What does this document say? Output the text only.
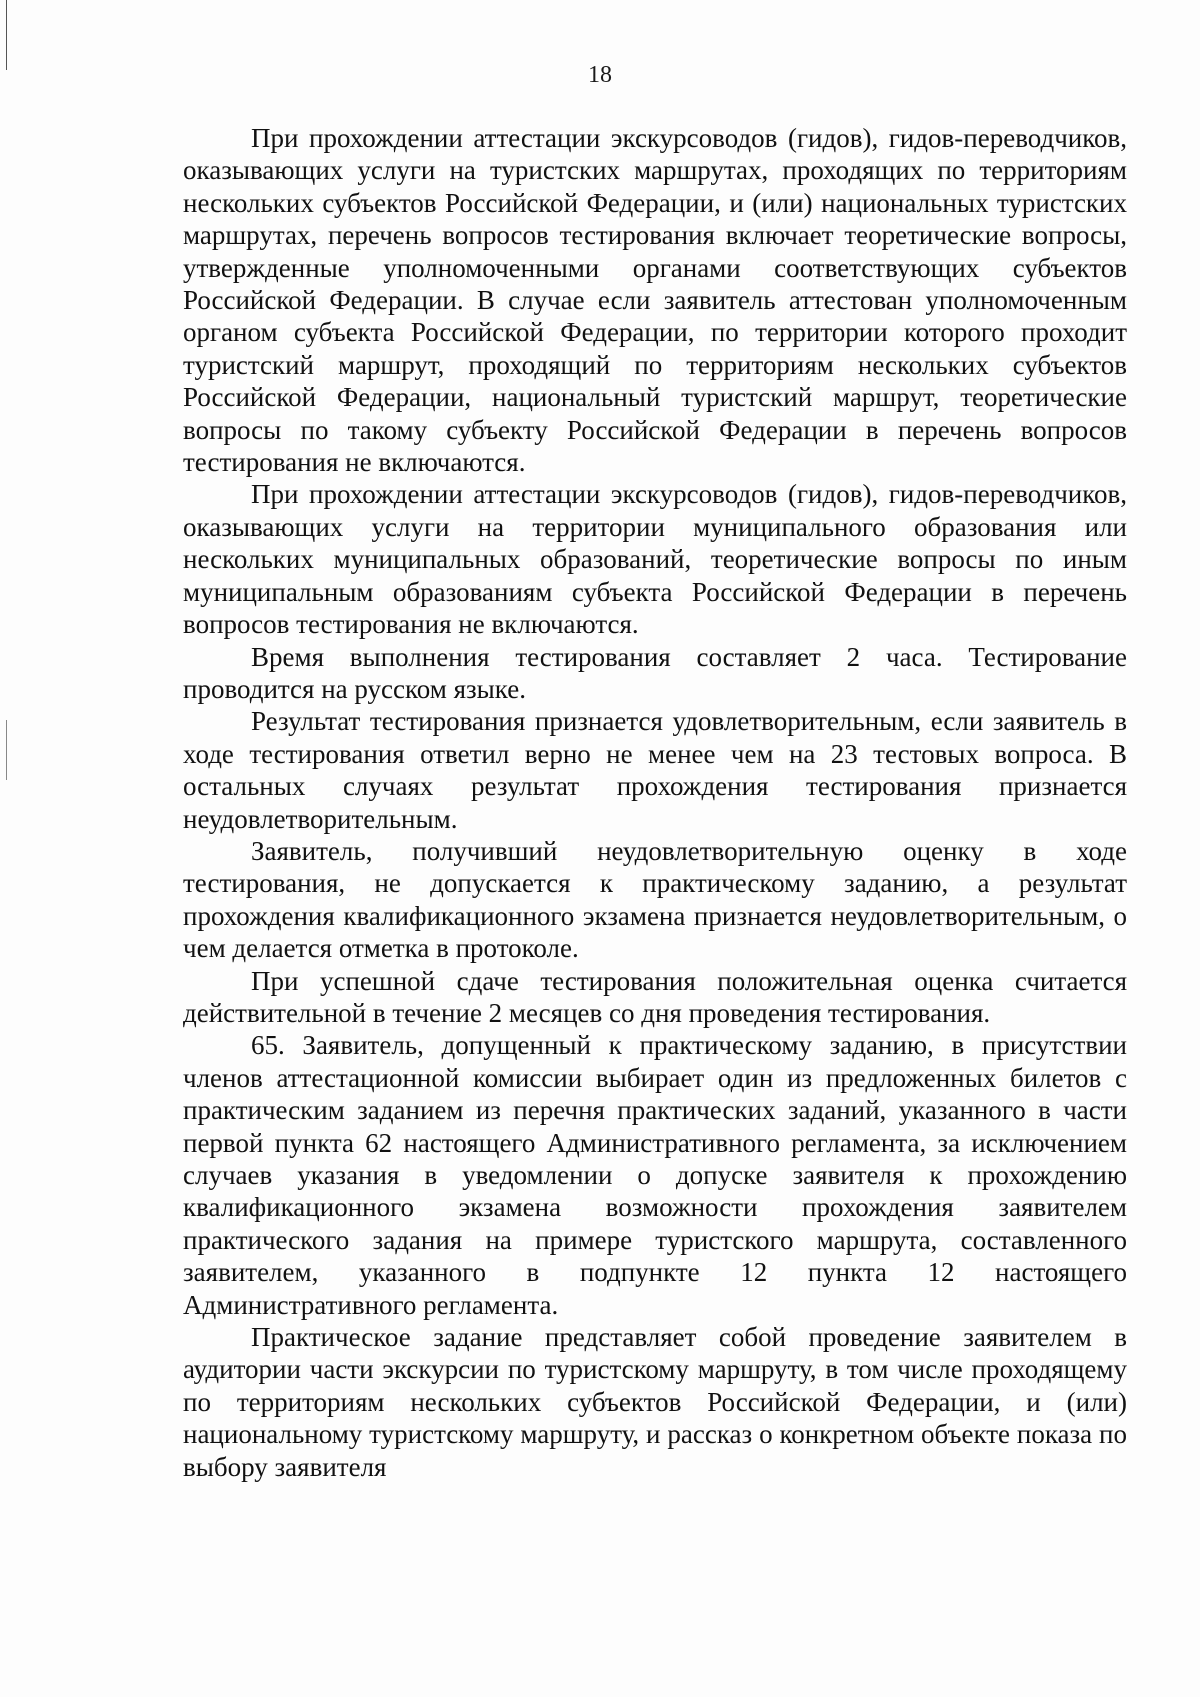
18

При прохождении аттестации экскурсоводов (гидов), гидов-переводчиков, оказывающих услуги на туристских маршрутах, проходящих по территориям нескольких субъектов Российской Федерации, и (или) национальных туристских маршрутах, перечень вопросов тестирования включает теоретические вопросы, утвержденные уполномоченными органами соответствующих субъектов Российской Федерации. В случае если заявитель аттестован уполномоченным органом субъекта Российской Федерации, по территории которого проходит туристский маршрут, проходящий по территориям нескольких субъектов Российской Федерации, национальный туристский маршрут, теоретические вопросы по такому субъекту Российской Федерации в перечень вопросов тестирования не включаются.

При прохождении аттестации экскурсоводов (гидов), гидов-переводчиков, оказывающих услуги на территории муниципального образования или нескольких муниципальных образований, теоретические вопросы по иным муниципальным образованиям субъекта Российской Федерации в перечень вопросов тестирования не включаются.

Время выполнения тестирования составляет 2 часа. Тестирование проводится на русском языке.

Результат тестирования признается удовлетворительным, если заявитель в ходе тестирования ответил верно не менее чем на 23 тестовых вопроса. В остальных случаях результат прохождения тестирования признается неудовлетворительным.

Заявитель, получивший неудовлетворительную оценку в ходе тестирования, не допускается к практическому заданию, а результат прохождения квалификационного экзамена признается неудовлетворительным, о чем делается отметка в протоколе.

При успешной сдаче тестирования положительная оценка считается действительной в течение 2 месяцев со дня проведения тестирования.

65. Заявитель, допущенный к практическому заданию, в присутствии членов аттестационной комиссии выбирает один из предложенных билетов с практическим заданием из перечня практических заданий, указанного в части первой пункта 62 настоящего Административного регламента, за исключением случаев указания в уведомлении о допуске заявителя к прохождению квалификационного экзамена возможности прохождения заявителем практического задания на примере туристского маршрута, составленного заявителем, указанного в подпункте 12 пункта 12 настоящего Административного регламента.

Практическое задание представляет собой проведение заявителем в аудитории части экскурсии по туристскому маршруту, в том числе проходящему по территориям нескольких субъектов Российской Федерации, и (или) национальному туристскому маршруту, и рассказ о конкретном объекте показа по выбору заявителя
